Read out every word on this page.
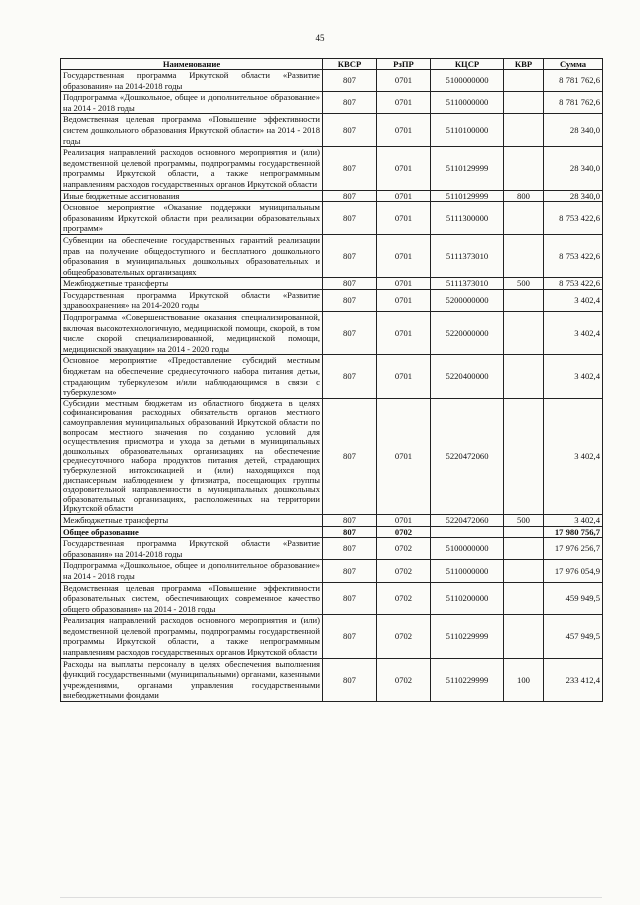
45
Наименование	КВСР	РзПР	КЦСР	КВР	Сумма
Государственная программа Иркутской области «Развитие образования» на 2014-2018 годы	807	0701	5100000000		8 781 762,6
Подпрограмма «Дошкольное, общее и дополнительное образование» на 2014 - 2018 годы	807	0701	5110000000		8 781 762,6
Ведомственная целевая программа «Повышение эффективности систем дошкольного образования Иркутской области» на 2014 - 2018 годы	807	0701	5110100000		28 340,0
Реализация направлений расходов основного мероприятия и (или) ведомственной целевой программы, подпрограммы государственной программы Иркутской области, а также непрограммным направлениям расходов государственных органов Иркутской области	807	0701	5110129999		28 340,0
Иные бюджетные ассигнования	807	0701	5110129999	800	28 340,0
Основное мероприятие «Оказание поддержки муниципальным образованиям Иркутской области при реализации образовательных программ»	807	0701	5111300000		8 753 422,6
Субвенции на обеспечение государственных гарантий реализации прав на получение общедоступного и бесплатного дошкольного образования в муниципальных дошкольных образовательных и общеобразовательных организациях	807	0701	5111373010		8 753 422,6
Межбюджетные трансферты	807	0701	5111373010	500	8 753 422,6
Государственная программа Иркутской области «Развитие здравоохранения» на 2014-2020 годы	807	0701	5200000000		3 402,4
Подпрограмма «Совершенствование оказания специализированной, включая высокотехнологичную, медицинской помощи, скорой, в том числе скорой специализированной, медицинской помощи, медицинской эвакуации» на 2014 - 2020 годы	807	0701	5220000000		3 402,4
Основное мероприятие «Предоставление субсидий местным бюджетам на обеспечение среднесуточного набора питания детьи, страдающим туберкулезом и/или наблюдающимся в связи с туберкулезом»	807	0701	5220400000		3 402,4
Субсидии местным бюджетам из областного бюджета в целях софинансирования расходных обязательств органов местного самоуправления муниципальных образований Иркутской области по вопросам местного значения по созданию условий для осуществления присмотра и ухода за детьми в муниципальных дошкольных образовательных организациях на обеспечение среднесуточного набора продуктов питания детей, страдающих туберкулезной интоксикацией и (или) находящихся под диспансерным наблюдением у фтизиатра, посещающих группы оздоровительной направленности в муниципальных дошкольных образовательных организациях, расположенных на территории Иркутской области	807	0701	5220472060		3 402,4
Межбюджетные трансферты	807	0701	5220472060	500	3 402,4
Общее образование	807	0702			17 980 756,7
Государственная программа Иркутской области «Развитие образования» на 2014-2018 годы	807	0702	5100000000		17 976 256,7
Подпрограмма «Дошкольное, общее и дополнительное образование» на 2014 - 2018 годы	807	0702	5110000000		17 976 054,9
Ведомственная целевая программа «Повышение эффективности образовательных систем, обеспечивающих современное качество общего образования» на 2014 - 2018 годы	807	0702	5110200000		459 949,5
Реализация направлений расходов основного мероприятия и (или) ведомственной целевой программы, подпрограммы государственной программы Иркутской области, а также непрограммным направлениям расходов государственных органов Иркутской области	807	0702	5110229999		457 949,5
Расходы на выплаты персоналу в целях обеспечения выполнения функций государственными (муниципальными) органами, казенными учреждениями, органами управления государственными внебюджетными фондами	807	0702	5110229999	100	233 412,4
